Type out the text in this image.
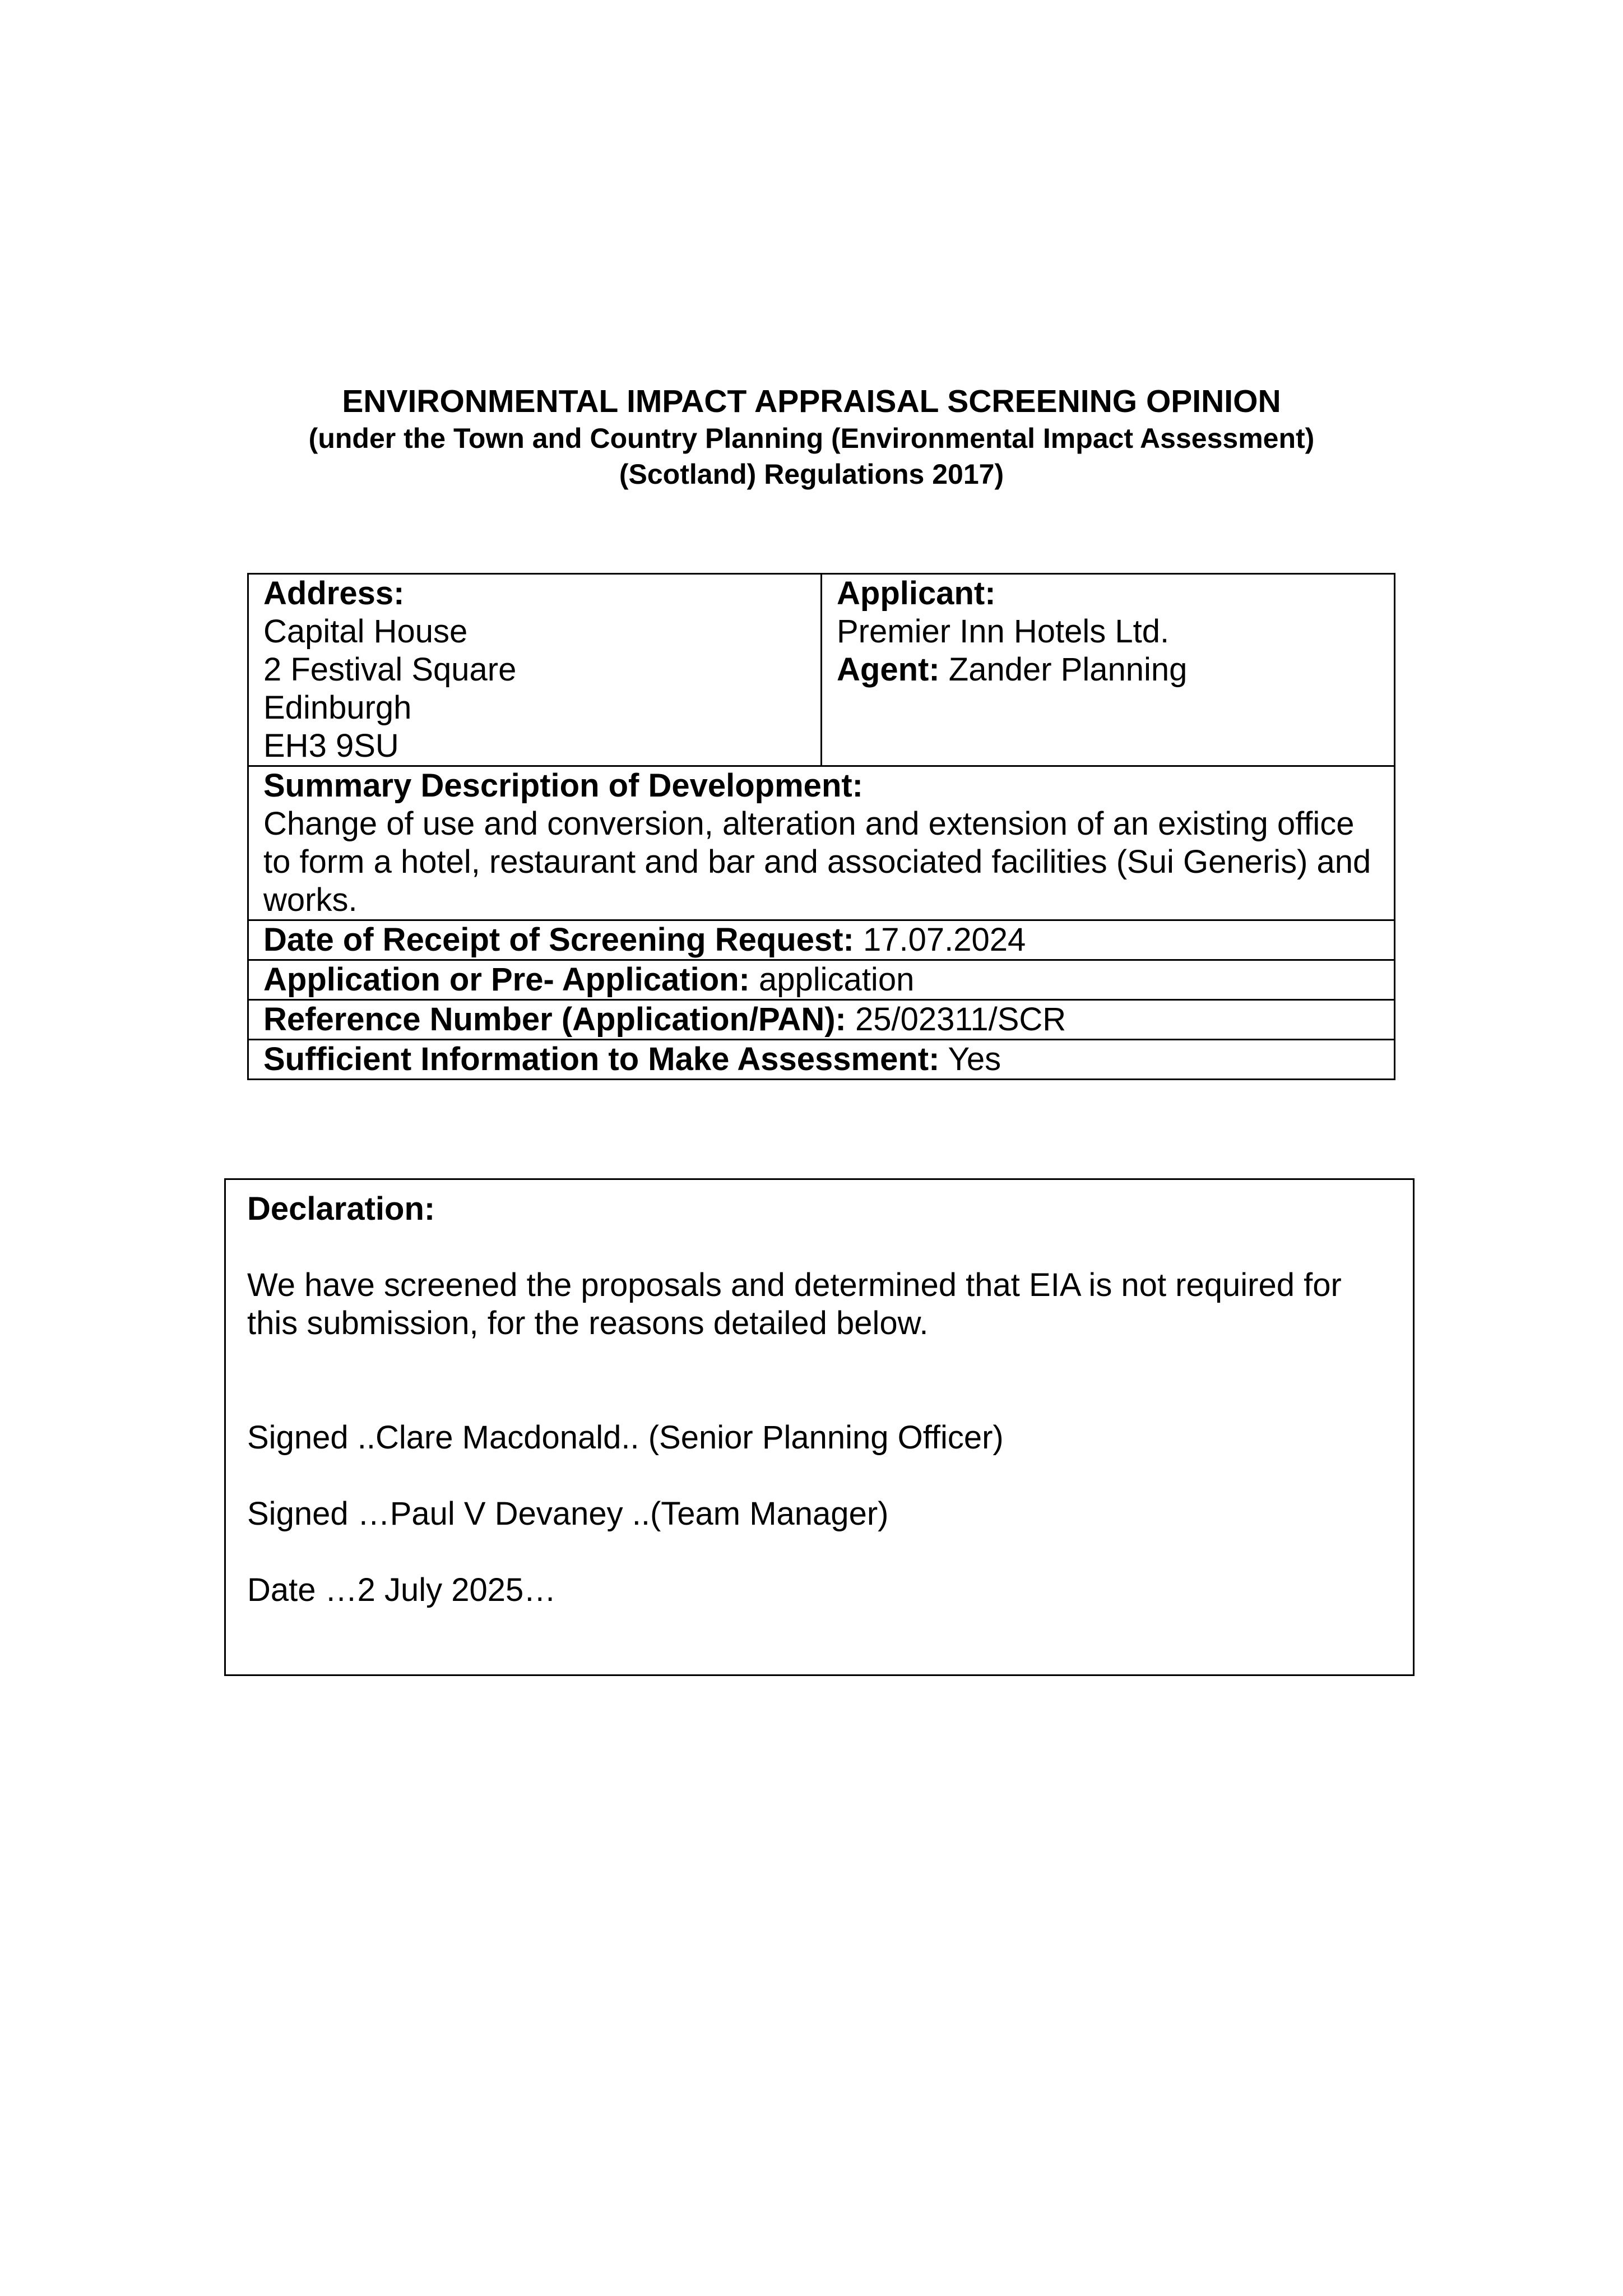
ENVIRONMENTAL IMPACT APPRAISAL SCREENING OPINION

(under the Town and Country Planning (Environmental Impact Assessment)

(Scotland) Regulations 2017)

Address:
Capital House
2 Festival Square
Edinburgh
EH3 9SU

Applicant:
Premier Inn Hotels Ltd.
Agent: Zander Planning

Summary Description of Development:
Change of use and conversion, alteration and extension of an existing office to form a hotel, restaurant and bar and associated facilities (Sui Generis) and works.

Date of Receipt of Screening Request: 17.07.2024
Application or Pre- Application: application
Reference Number (Application/PAN): 25/02311/SCR
Sufficient Information to Make Assessment: Yes

Declaration:

We have screened the proposals and determined that EIA is not required for this submission, for the reasons detailed below.

Signed ..Clare Macdonald.. (Senior Planning Officer)

Signed …Paul V Devaney ..(Team Manager)

Date …2 July 2025…
